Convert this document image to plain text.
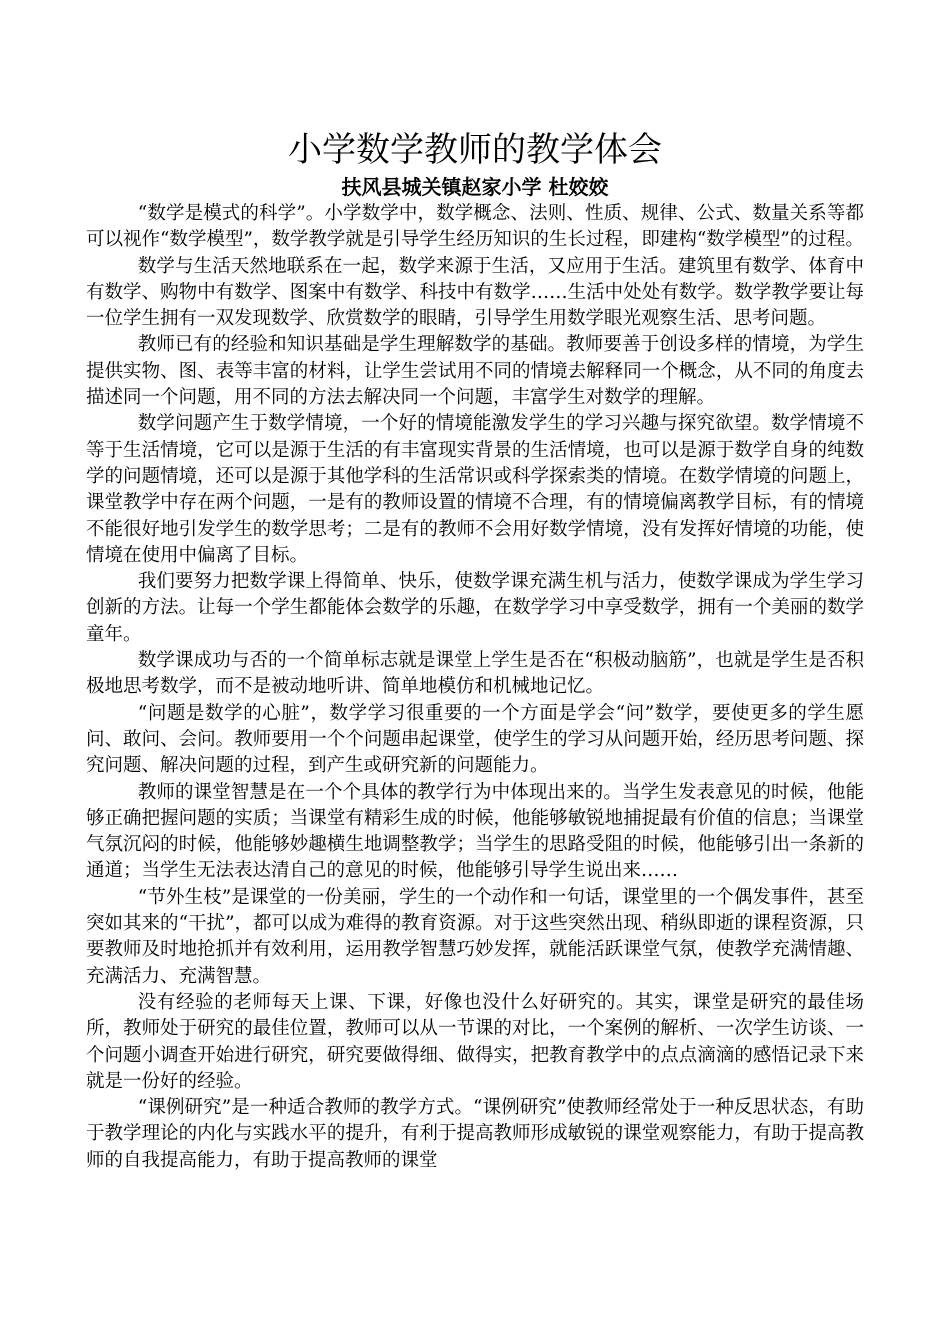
小学数学教师的教学体会
扶风县城关镇赵家小学 杜姣姣

“数学是模式的科学”。小学数学中，数学概念、法则、性质、规律、公式、数量关系等都可以视作“数学模型”，数学教学就是引导学生经历知识的生长过程，即建构“数学模型”的过程。

数学与生活天然地联系在一起，数学来源于生活，又应用于生活。建筑里有数学、体育中有数学、购物中有数学、图案中有数学、科技中有数学……生活中处处有数学。数学教学要让每一位学生拥有一双发现数学、欣赏数学的眼睛，引导学生用数学眼光观察生活、思考问题。

教师已有的经验和知识基础是学生理解数学的基础。教师要善于创设多样的情境，为学生提供实物、图、表等丰富的材料，让学生尝试用不同的情境去解释同一个概念，从不同的角度去描述同一个问题，用不同的方法去解决同一个问题，丰富学生对数学的理解。

数学问题产生于数学情境，一个好的情境能激发学生的学习兴趣与探究欲望。数学情境不等于生活情境，它可以是源于生活的有丰富现实背景的生活情境，也可以是源于数学自身的纯数学的问题情境，还可以是源于其他学科的生活常识或科学探索类的情境。在数学情境的问题上，课堂教学中存在两个问题，一是有的教师设置的情境不合理，有的情境偏离教学目标，有的情境不能很好地引发学生的数学思考；二是有的教师不会用好数学情境，没有发挥好情境的功能，使情境在使用中偏离了目标。

我们要努力把数学课上得简单、快乐，使数学课充满生机与活力，使数学课成为学生学习创新的方法。让每一个学生都能体会数学的乐趣，在数学学习中享受数学，拥有一个美丽的数学童年。

数学课成功与否的一个简单标志就是课堂上学生是否在“积极动脑筋”，也就是学生是否积极地思考数学，而不是被动地听讲、简单地模仿和机械地记忆。

“问题是数学的心脏”，数学学习很重要的一个方面是学会“问”数学，要使更多的学生愿问、敢问、会问。教师要用一个个问题串起课堂，使学生的学习从问题开始，经历思考问题、探究问题、解决问题的过程，到产生或研究新的问题能力。

教师的课堂智慧是在一个个具体的教学行为中体现出来的。当学生发表意见的时候，他能够正确把握问题的实质；当课堂有精彩生成的时候，他能够敏锐地捕捉最有价值的信息；当课堂气氛沉闷的时候，他能够妙趣横生地调整教学；当学生的思路受阻的时候，他能够引出一条新的通道；当学生无法表达清自己的意见的时候，他能够引导学生说出来……

“节外生枝”是课堂的一份美丽，学生的一个动作和一句话，课堂里的一个偶发事件，甚至突如其来的“干扰”，都可以成为难得的教育资源。对于这些突然出现、稍纵即逝的课程资源，只要教师及时地抢抓并有效利用，运用教学智慧巧妙发挥，就能活跃课堂气氛，使教学充满情趣、充满活力、充满智慧。

没有经验的老师每天上课、下课，好像也没什么好研究的。其实，课堂是研究的最佳场所，教师处于研究的最佳位置，教师可以从一节课的对比，一个案例的解析、一次学生访谈、一个问题小调查开始进行研究，研究要做得细、做得实，把教育教学中的点点滴滴的感悟记录下来就是一份好的经验。

“课例研究”是一种适合教师的教学方式。“课例研究”使教师经常处于一种反思状态，有助于教学理论的内化与实践水平的提升，有利于提高教师形成敏锐的课堂观察能力，有助于提高教师的自我提高能力，有助于提高教师的课堂
